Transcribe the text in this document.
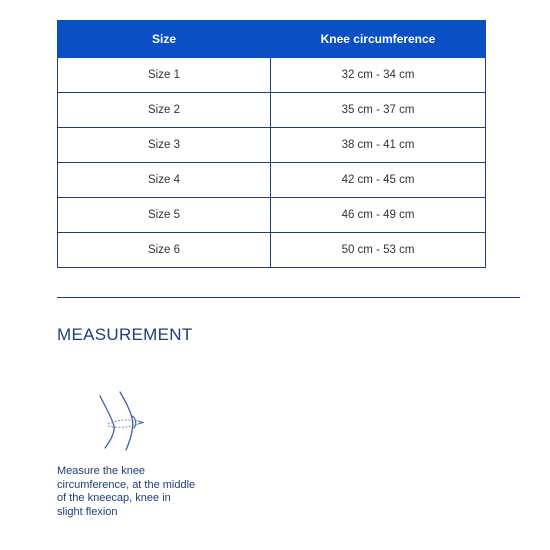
Size	Knee circumference
Size 1	32 cm - 34 cm
Size 2	35 cm - 37 cm
Size 3	38 cm - 41 cm
Size 4	42 cm - 45 cm
Size 5	46 cm - 49 cm
Size 6	50 cm - 53 cm
MEASUREMENT

Measure the knee circumference, at the middle of the kneecap, knee in slight flexion
